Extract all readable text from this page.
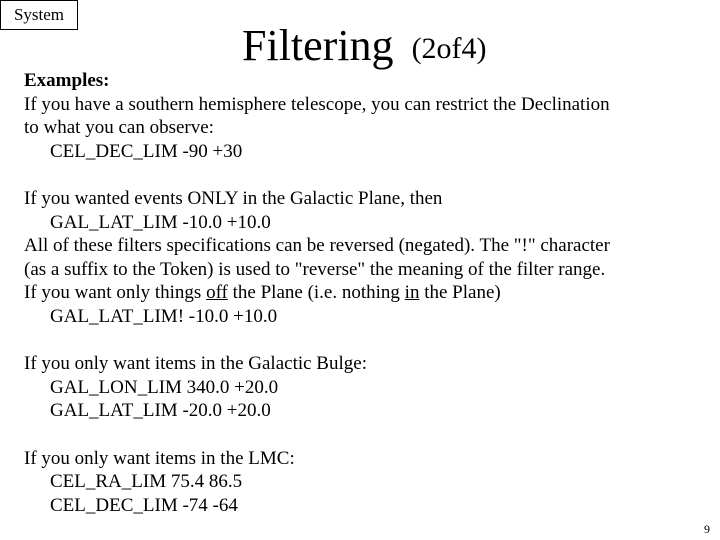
System
Filtering (2of4)
Examples:
If you have a southern hemisphere telescope, you can restrict the Declination
to what you can observe:
CEL_DEC_LIM -90 +30
If you wanted events ONLY in the Galactic Plane, then
GAL_LAT_LIM -10.0 +10.0
All of these filters specifications can be reversed (negated). The "!" character
(as a suffix to the Token) is used to "reverse" the meaning of the filter range.
If you want only things off the Plane (i.e. nothing in the Plane)
GAL_LAT_LIM! -10.0 +10.0
If you only want items in the Galactic Bulge:
GAL_LON_LIM 340.0 +20.0
GAL_LAT_LIM -20.0 +20.0
If you only want items in the LMC:
CEL_RA_LIM 75.4 86.5
CEL_DEC_LIM -74 -64
9
